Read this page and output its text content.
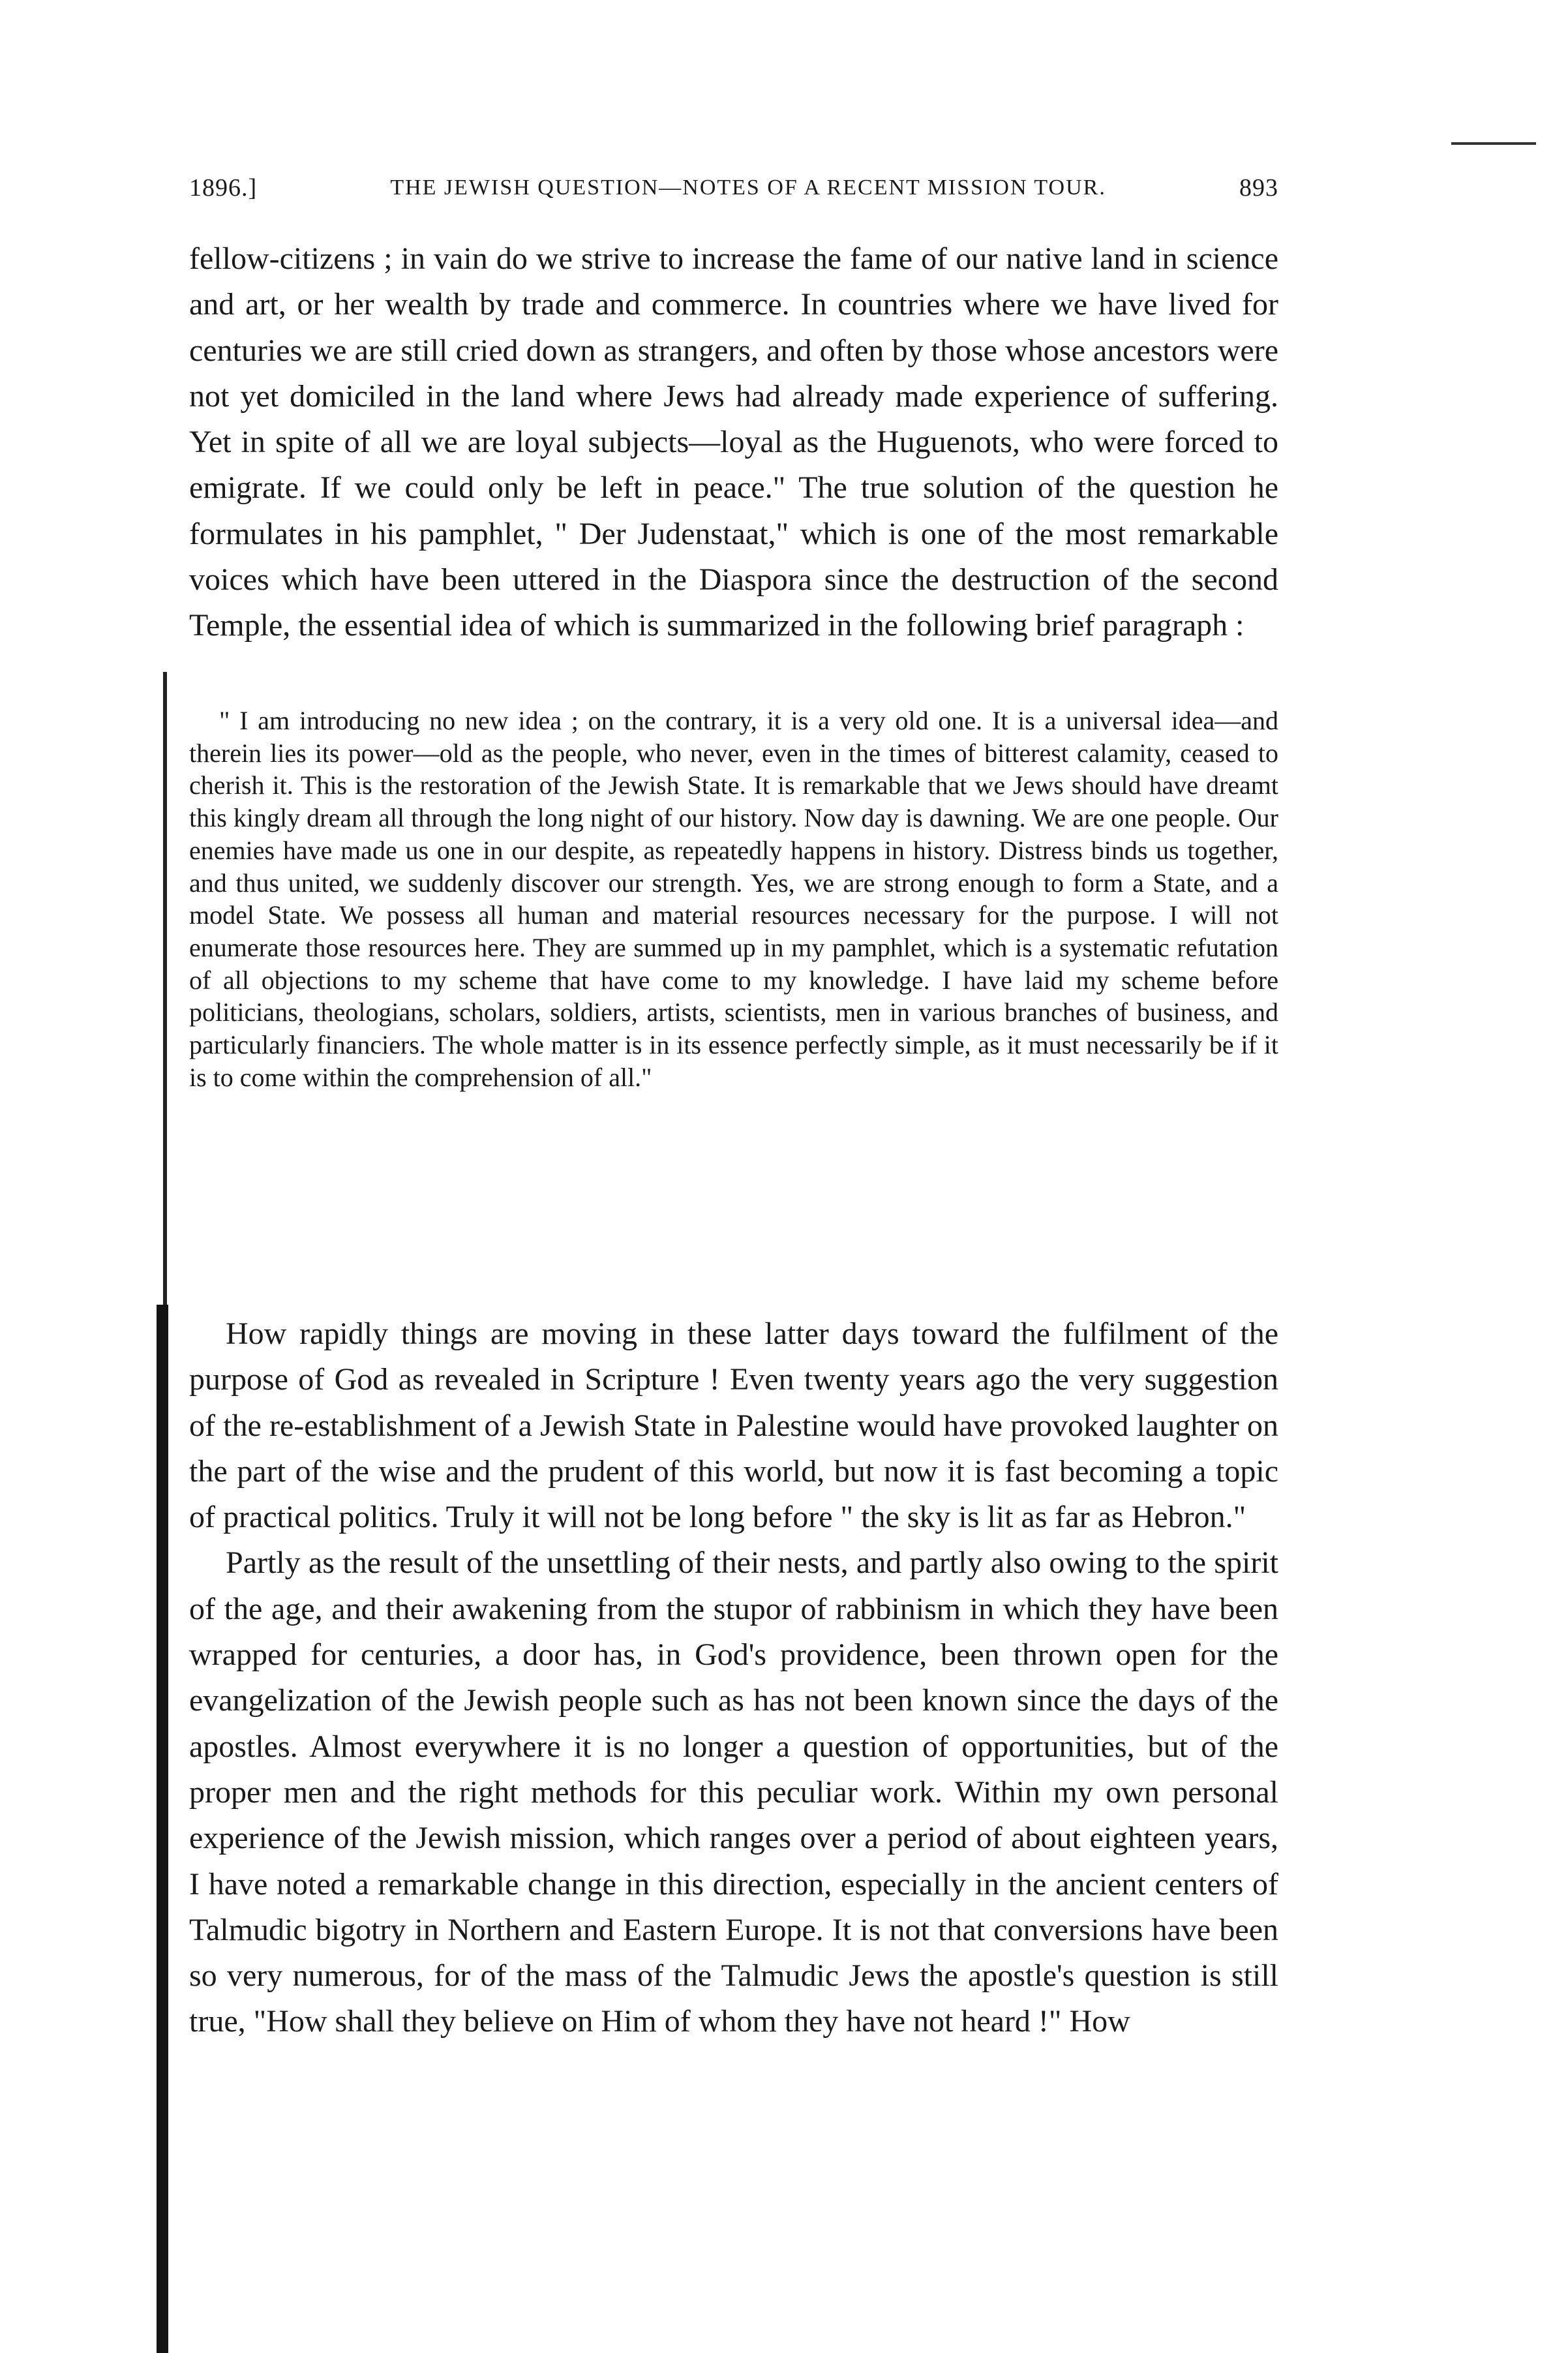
1896.]	THE JEWISH QUESTION—NOTES OF A RECENT MISSION TOUR.	893

fellow-citizens ; in vain do we strive to increase the fame of our native land in science and art, or her wealth by trade and commerce. In countries where we have lived for centuries we are still cried down as strangers, and often by those whose ancestors were not yet domiciled in the land where Jews had already made experience of suffering. Yet in spite of all we are loyal subjects—loyal as the Huguenots, who were forced to emigrate. If we could only be left in peace." The true solution of the question he formulates in his pamphlet, " Der Judenstaat," which is one of the most remarkable voices which have been uttered in the Diaspora since the destruction of the second Temple, the essential idea of which is summarized in the following brief paragraph :

" I am introducing no new idea ; on the contrary, it is a very old one. It is a universal idea—and therein lies its power—old as the people, who never, even in the times of bitterest calamity, ceased to cherish it. This is the restoration of the Jewish State. It is remarkable that we Jews should have dreamt this kingly dream all through the long night of our history. Now day is dawning. We are one people. Our enemies have made us one in our despite, as repeatedly happens in history. Distress binds us together, and thus united, we suddenly discover our strength. Yes, we are strong enough to form a State, and a model State. We possess all human and material resources necessary for the purpose. I will not enumerate those resources here. They are summed up in my pamphlet, which is a systematic refutation of all objections to my scheme that have come to my knowledge. I have laid my scheme before politicians, theologians, scholars, soldiers, artists, scientists, men in various branches of business, and particularly financiers. The whole matter is in its essence perfectly simple, as it must necessarily be if it is to come within the comprehension of all."

How rapidly things are moving in these latter days toward the fulfilment of the purpose of God as revealed in Scripture ! Even twenty years ago the very suggestion of the re-establishment of a Jewish State in Palestine would have provoked laughter on the part of the wise and the prudent of this world, but now it is fast becoming a topic of practical politics. Truly it will not be long before " the sky is lit as far as Hebron."

Partly as the result of the unsettling of their nests, and partly also owing to the spirit of the age, and their awakening from the stupor of rabbinism in which they have been wrapped for centuries, a door has, in God's providence, been thrown open for the evangelization of the Jewish people such as has not been known since the days of the apostles. Almost everywhere it is no longer a question of opportunities, but of the proper men and the right methods for this peculiar work. Within my own personal experience of the Jewish mission, which ranges over a period of about eighteen years, I have noted a remarkable change in this direction, especially in the ancient centers of Talmudic bigotry in Northern and Eastern Europe. It is not that conversions have been so very numerous, for of the mass of the Talmudic Jews the apostle's question is still true, "How shall they believe on Him of whom they have not heard !" How
